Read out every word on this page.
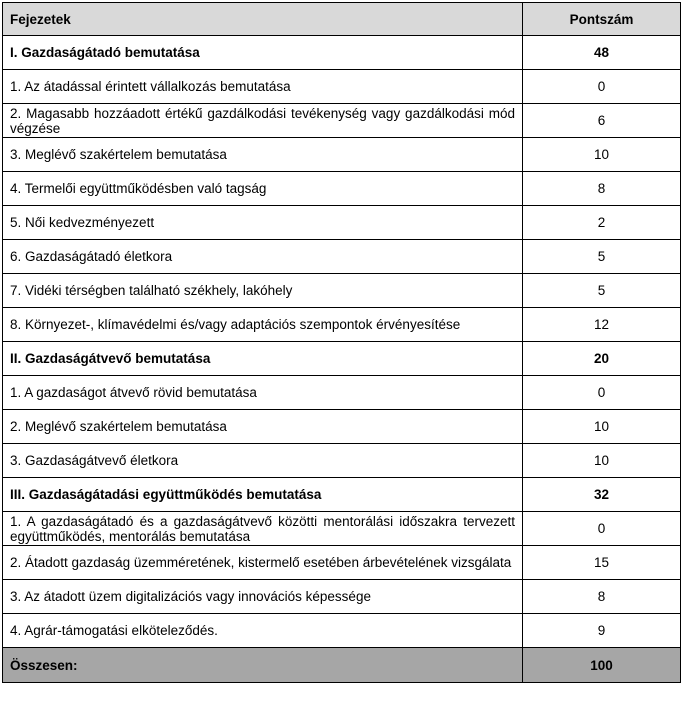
Fejezetek	Pontszám
I. Gazdaságátadó bemutatása	48
1. Az átadással érintett vállalkozás bemutatása	0
2. Magasabb hozzáadott értékű gazdálkodási tevékenység vagy gazdálkodási mód végzése	6
3. Meglévő szakértelem bemutatása	10
4. Termelői együttműködésben való tagság	8
5. Női kedvezményezett	2
6. Gazdaságátadó életkora	5
7. Vidéki térségben található székhely, lakóhely	5
8. Környezet-, klímavédelmi és/vagy adaptációs szempontok érvényesítése	12
II. Gazdaságátvevő bemutatása	20
1. A gazdaságot átvevő rövid bemutatása	0
2. Meglévő szakértelem bemutatása	10
3. Gazdaságátvevő életkora	10
III. Gazdaságátadási együttműködés bemutatása	32
1. A gazdaságátadó és a gazdaságátvevő közötti mentorálási időszakra tervezett együttműködés, mentorálás bemutatása	0
2. Átadott gazdaság üzemméretének, kistermelő esetében árbevételének vizsgálata	15
3. Az átadott üzem digitalizációs vagy innovációs képessége	8
4. Agrár-támogatási elköteleződés.	9
Összesen:	100
